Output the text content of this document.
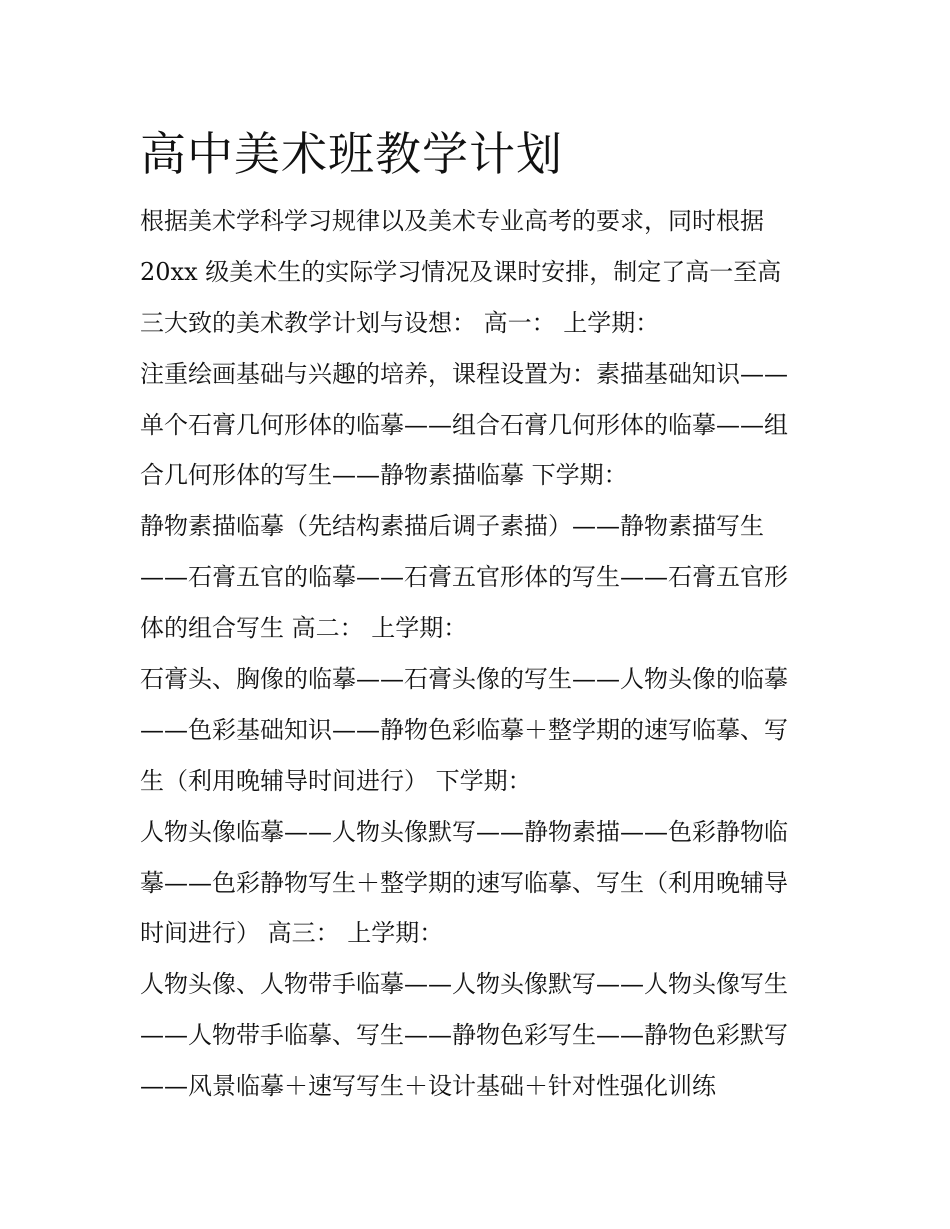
高中美术班教学计划
根据美术学科学习规律以及美术专业高考的要求，同时根据
20xx 级美术生的实际学习情况及课时安排，制定了高一至高
三大致的美术教学计划与设想： 高一： 上学期：
注重绘画基础与兴趣的培养，课程设置为：素描基础知识——
单个石膏几何形体的临摹——组合石膏几何形体的临摹——组
合几何形体的写生——静物素描临摹 下学期：
静物素描临摹（先结构素描后调子素描）——静物素描写生
——石膏五官的临摹——石膏五官形体的写生——石膏五官形
体的组合写生 高二： 上学期：
石膏头、胸像的临摹——石膏头像的写生——人物头像的临摹
——色彩基础知识——静物色彩临摹＋整学期的速写临摹、写
生（利用晚辅导时间进行） 下学期：
人物头像临摹——人物头像默写——静物素描——色彩静物临
摹——色彩静物写生＋整学期的速写临摹、写生（利用晚辅导
时间进行） 高三： 上学期：
人物头像、人物带手临摹——人物头像默写——人物头像写生
——人物带手临摹、写生——静物色彩写生——静物色彩默写
——风景临摹＋速写写生＋设计基础＋针对性强化训练
